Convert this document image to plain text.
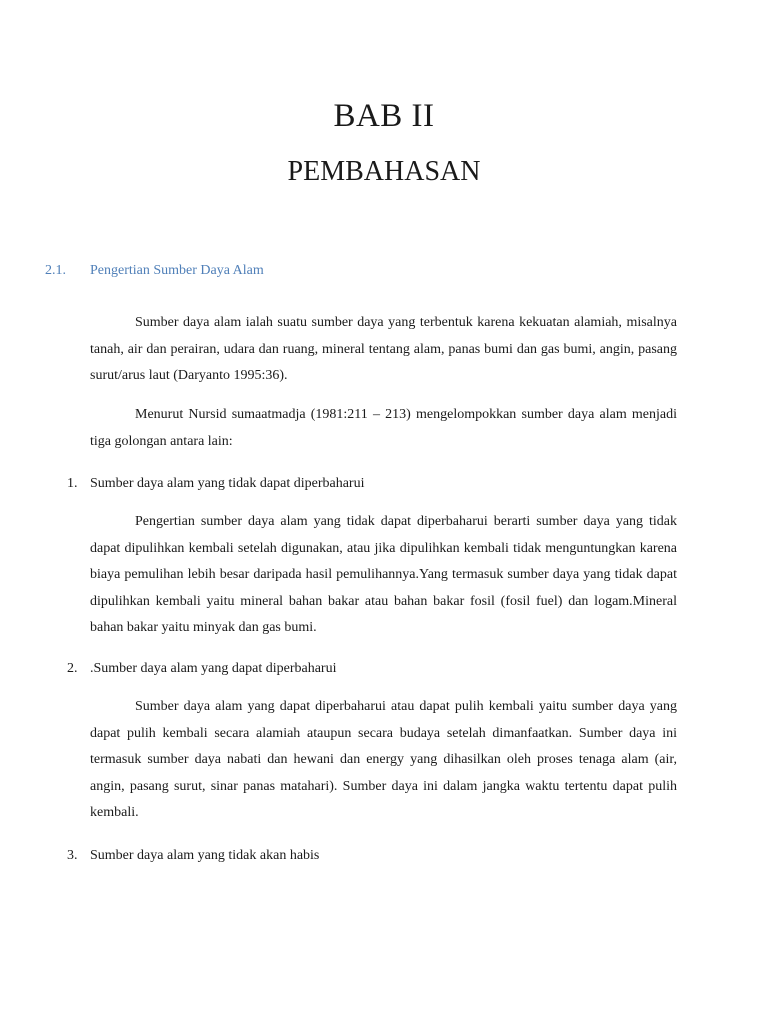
BAB II
PEMBAHASAN
2.1. Pengertian Sumber Daya Alam

Sumber daya alam ialah suatu sumber daya yang terbentuk karena kekuatan alamiah, misalnya tanah, air dan perairan, udara dan ruang, mineral tentang alam, panas bumi dan gas bumi, angin, pasang surut/arus laut (Daryanto 1995:36).

Menurut Nursid sumaatmadja (1981:211 – 213) mengelompokkan sumber daya alam menjadi tiga golongan antara lain:

1. Sumber daya alam yang tidak dapat diperbaharui

Pengertian sumber daya alam yang tidak dapat diperbaharui berarti sumber daya yang tidak dapat dipulihkan kembali setelah digunakan, atau jika dipulihkan kembali tidak menguntungkan karena biaya pemulihan lebih besar daripada hasil pemulihannya.Yang termasuk sumber daya yang tidak dapat dipulihkan kembali yaitu mineral bahan bakar atau bahan bakar fosil (fosil fuel) dan logam.Mineral bahan bakar yaitu minyak dan gas bumi.

2. .Sumber daya alam yang dapat diperbaharui

Sumber daya alam yang dapat diperbaharui atau dapat pulih kembali yaitu sumber daya yang dapat pulih kembali secara alamiah ataupun secara budaya setelah dimanfaatkan. Sumber daya ini termasuk sumber daya nabati dan hewani dan energy yang dihasilkan oleh proses tenaga alam (air, angin, pasang surut, sinar panas matahari). Sumber daya ini dalam jangka waktu tertentu dapat pulih kembali.

3. Sumber daya alam yang tidak akan habis
